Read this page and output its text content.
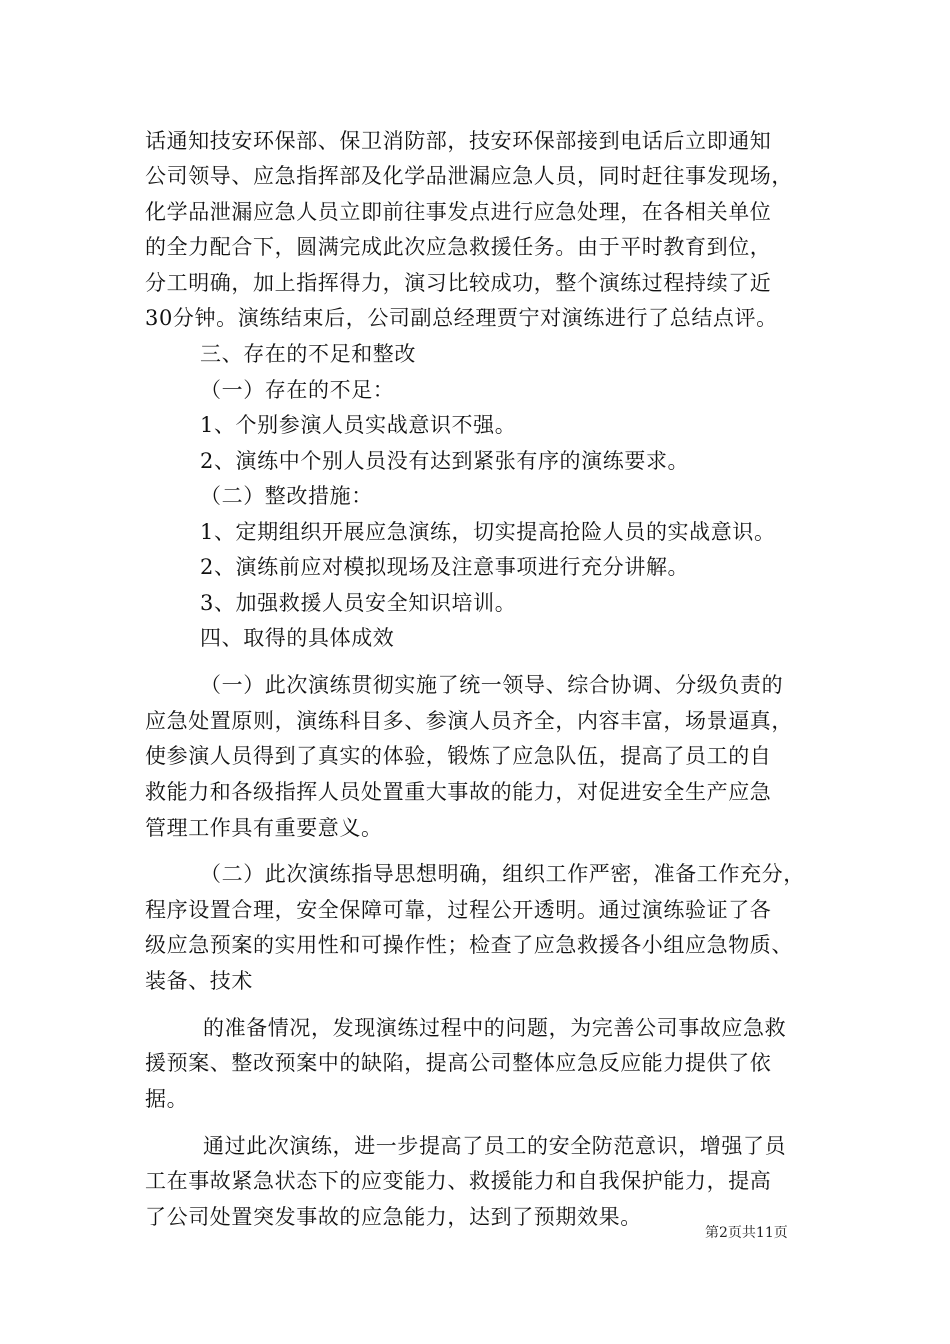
话通知技安环保部、保卫消防部，技安环保部接到电话后立即通知
公司领导、应急指挥部及化学品泄漏应急人员，同时赶往事发现场，
化学品泄漏应急人员立即前往事发点进行应急处理，在各相关单位
的全力配合下，圆满完成此次应急救援任务。由于平时教育到位，
分工明确，加上指挥得力，演习比较成功，整个演练过程持续了近
30分钟。演练结束后，公司副总经理贾宁对演练进行了总结点评。
三、存在的不足和整改
（一）存在的不足：
1、个别参演人员实战意识不强。
2、演练中个别人员没有达到紧张有序的演练要求。
（二）整改措施：
1、定期组织开展应急演练，切实提高抢险人员的实战意识。
2、演练前应对模拟现场及注意事项进行充分讲解。
3、加强救援人员安全知识培训。
四、取得的具体成效
（一）此次演练贯彻实施了统一领导、综合协调、分级负责的
应急处置原则，演练科目多、参演人员齐全，内容丰富，场景逼真，
使参演人员得到了真实的体验，锻炼了应急队伍，提高了员工的自
救能力和各级指挥人员处置重大事故的能力，对促进安全生产应急
管理工作具有重要意义。
（二）此次演练指导思想明确，组织工作严密，准备工作充分，
程序设置合理，安全保障可靠，过程公开透明。通过演练验证了各
级应急预案的实用性和可操作性；检查了应急救援各小组应急物质、
装备、技术
的准备情况，发现演练过程中的问题，为完善公司事故应急救
援预案、整改预案中的缺陷，提高公司整体应急反应能力提供了依
据。
通过此次演练，进一步提高了员工的安全防范意识，增强了员
工在事故紧急状态下的应变能力、救援能力和自我保护能力，提高
了公司处置突发事故的应急能力，达到了预期效果。
第2页共11页
